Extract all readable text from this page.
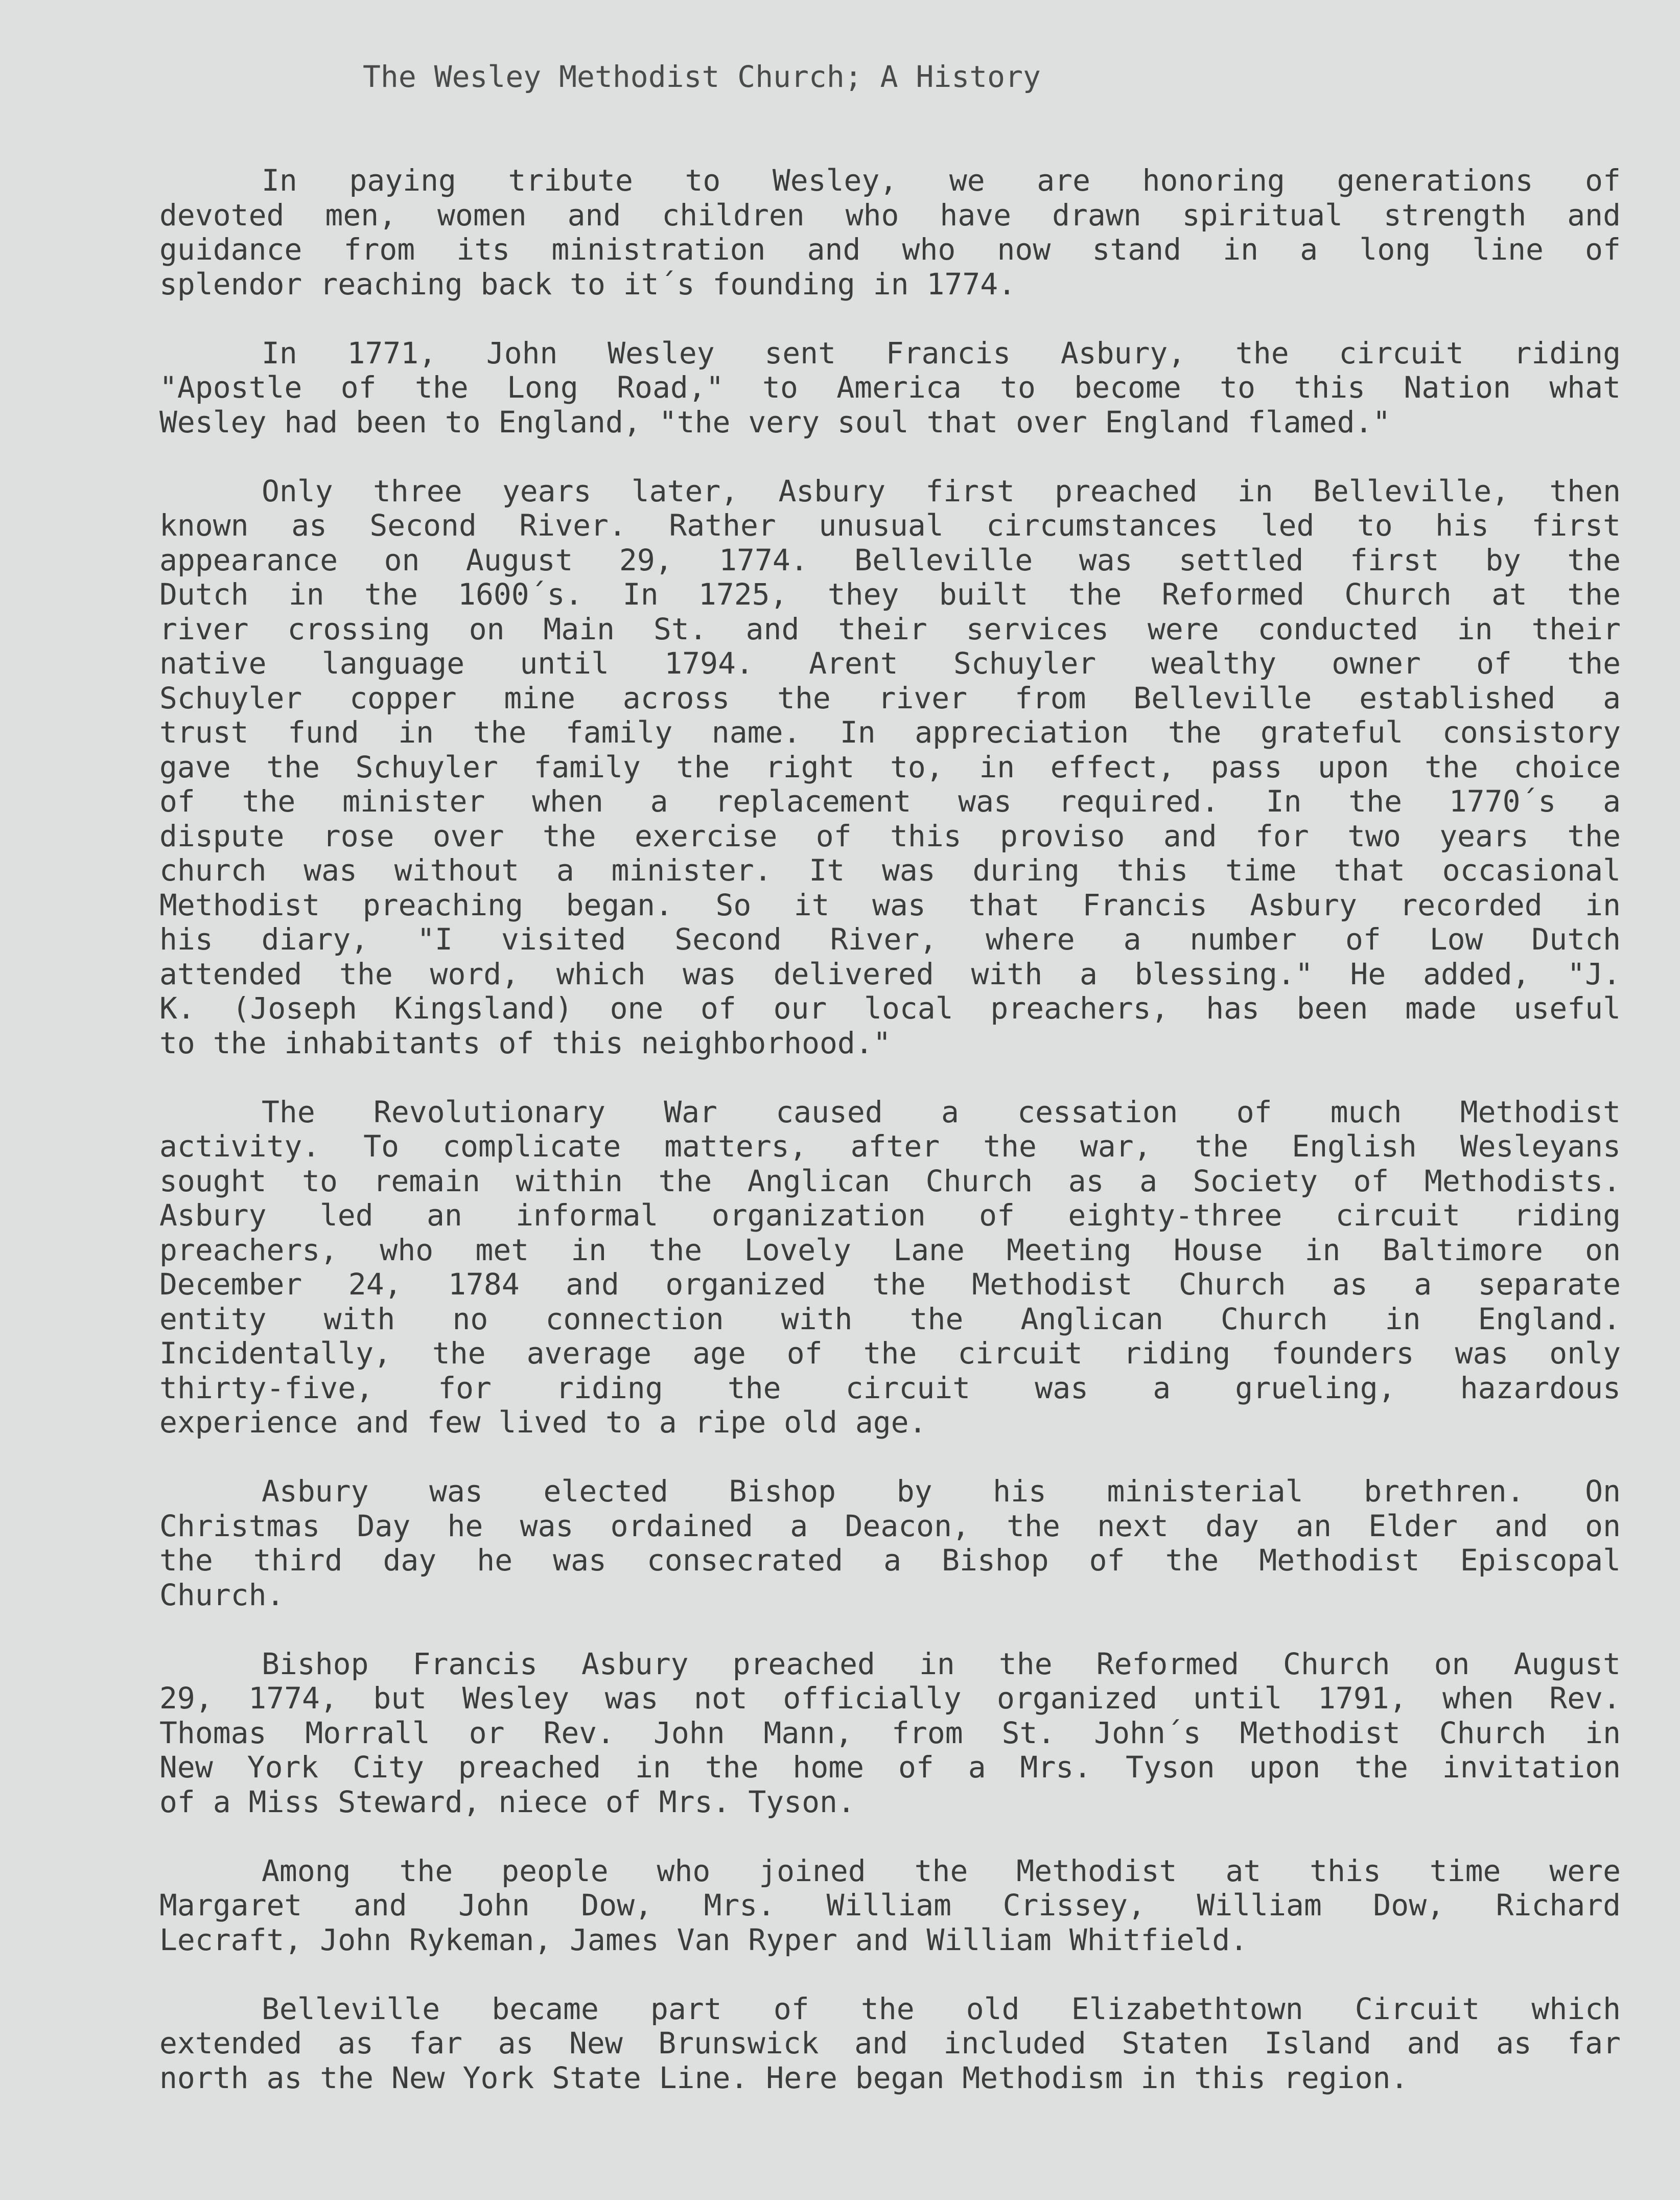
The Wesley Methodist Church; A History
In paying tribute to Wesley, we are honoring generations of
devoted men, women and children who have drawn spiritual strength and
guidance from its ministration and who now stand in a long line of
splendor reaching back to it´s founding in 1774.
In 1771, John Wesley sent Francis Asbury, the circuit riding
"Apostle of the Long Road," to America to become to this Nation what
Wesley had been to England, "the very soul that over England flamed."
Only three years later, Asbury first preached in Belleville, then
known as Second River. Rather unusual circumstances led to his first
appearance on August 29, 1774. Belleville was settled first by the
Dutch in the 1600´s. In 1725, they built the Reformed Church at the
river crossing on Main St. and their services were conducted in their
native language until 1794. Arent Schuyler wealthy owner of the
Schuyler copper mine across the river from Belleville established a
trust fund in the family name. In appreciation the grateful consistory
gave the Schuyler family the right to, in effect, pass upon the choice
of the minister when a replacement was required. In the 1770´s a
dispute rose over the exercise of this proviso and for two years the
church was without a minister. It was during this time that occasional
Methodist preaching began. So it was that Francis Asbury recorded in
his diary, "I visited Second River, where a number of Low Dutch
attended the word, which was delivered with a blessing." He added, "J.
K. (Joseph Kingsland) one of our local preachers, has been made useful
to the inhabitants of this neighborhood."
The Revolutionary War caused a cessation of much Methodist
activity. To complicate matters, after the war, the English Wesleyans
sought to remain within the Anglican Church as a Society of Methodists.
Asbury led an informal organization of eighty-three circuit riding
preachers, who met in the Lovely Lane Meeting House in Baltimore on
December 24, 1784 and organized the Methodist Church as a separate
entity with no connection with the Anglican Church in England.
Incidentally, the average age of the circuit riding founders was only
thirty-five, for riding the circuit was a grueling, hazardous
experience and few lived to a ripe old age.
Asbury was elected Bishop by his ministerial brethren. On
Christmas Day he was ordained a Deacon, the next day an Elder and on
the third day he was consecrated a Bishop of the Methodist Episcopal
Church.
Bishop Francis Asbury preached in the Reformed Church on August
29, 1774, but Wesley was not officially organized until 1791, when Rev.
Thomas Morrall or Rev. John Mann, from St. John´s Methodist Church in
New York City preached in the home of a Mrs. Tyson upon the invitation
of a Miss Steward, niece of Mrs. Tyson.
Among the people who joined the Methodist at this time were
Margaret and John Dow, Mrs. William Crissey, William Dow, Richard
Lecraft, John Rykeman, James Van Ryper and William Whitfield.
Belleville became part of the old Elizabethtown Circuit which
extended as far as New Brunswick and included Staten Island and as far
north as the New York State Line. Here began Methodism in this region.
